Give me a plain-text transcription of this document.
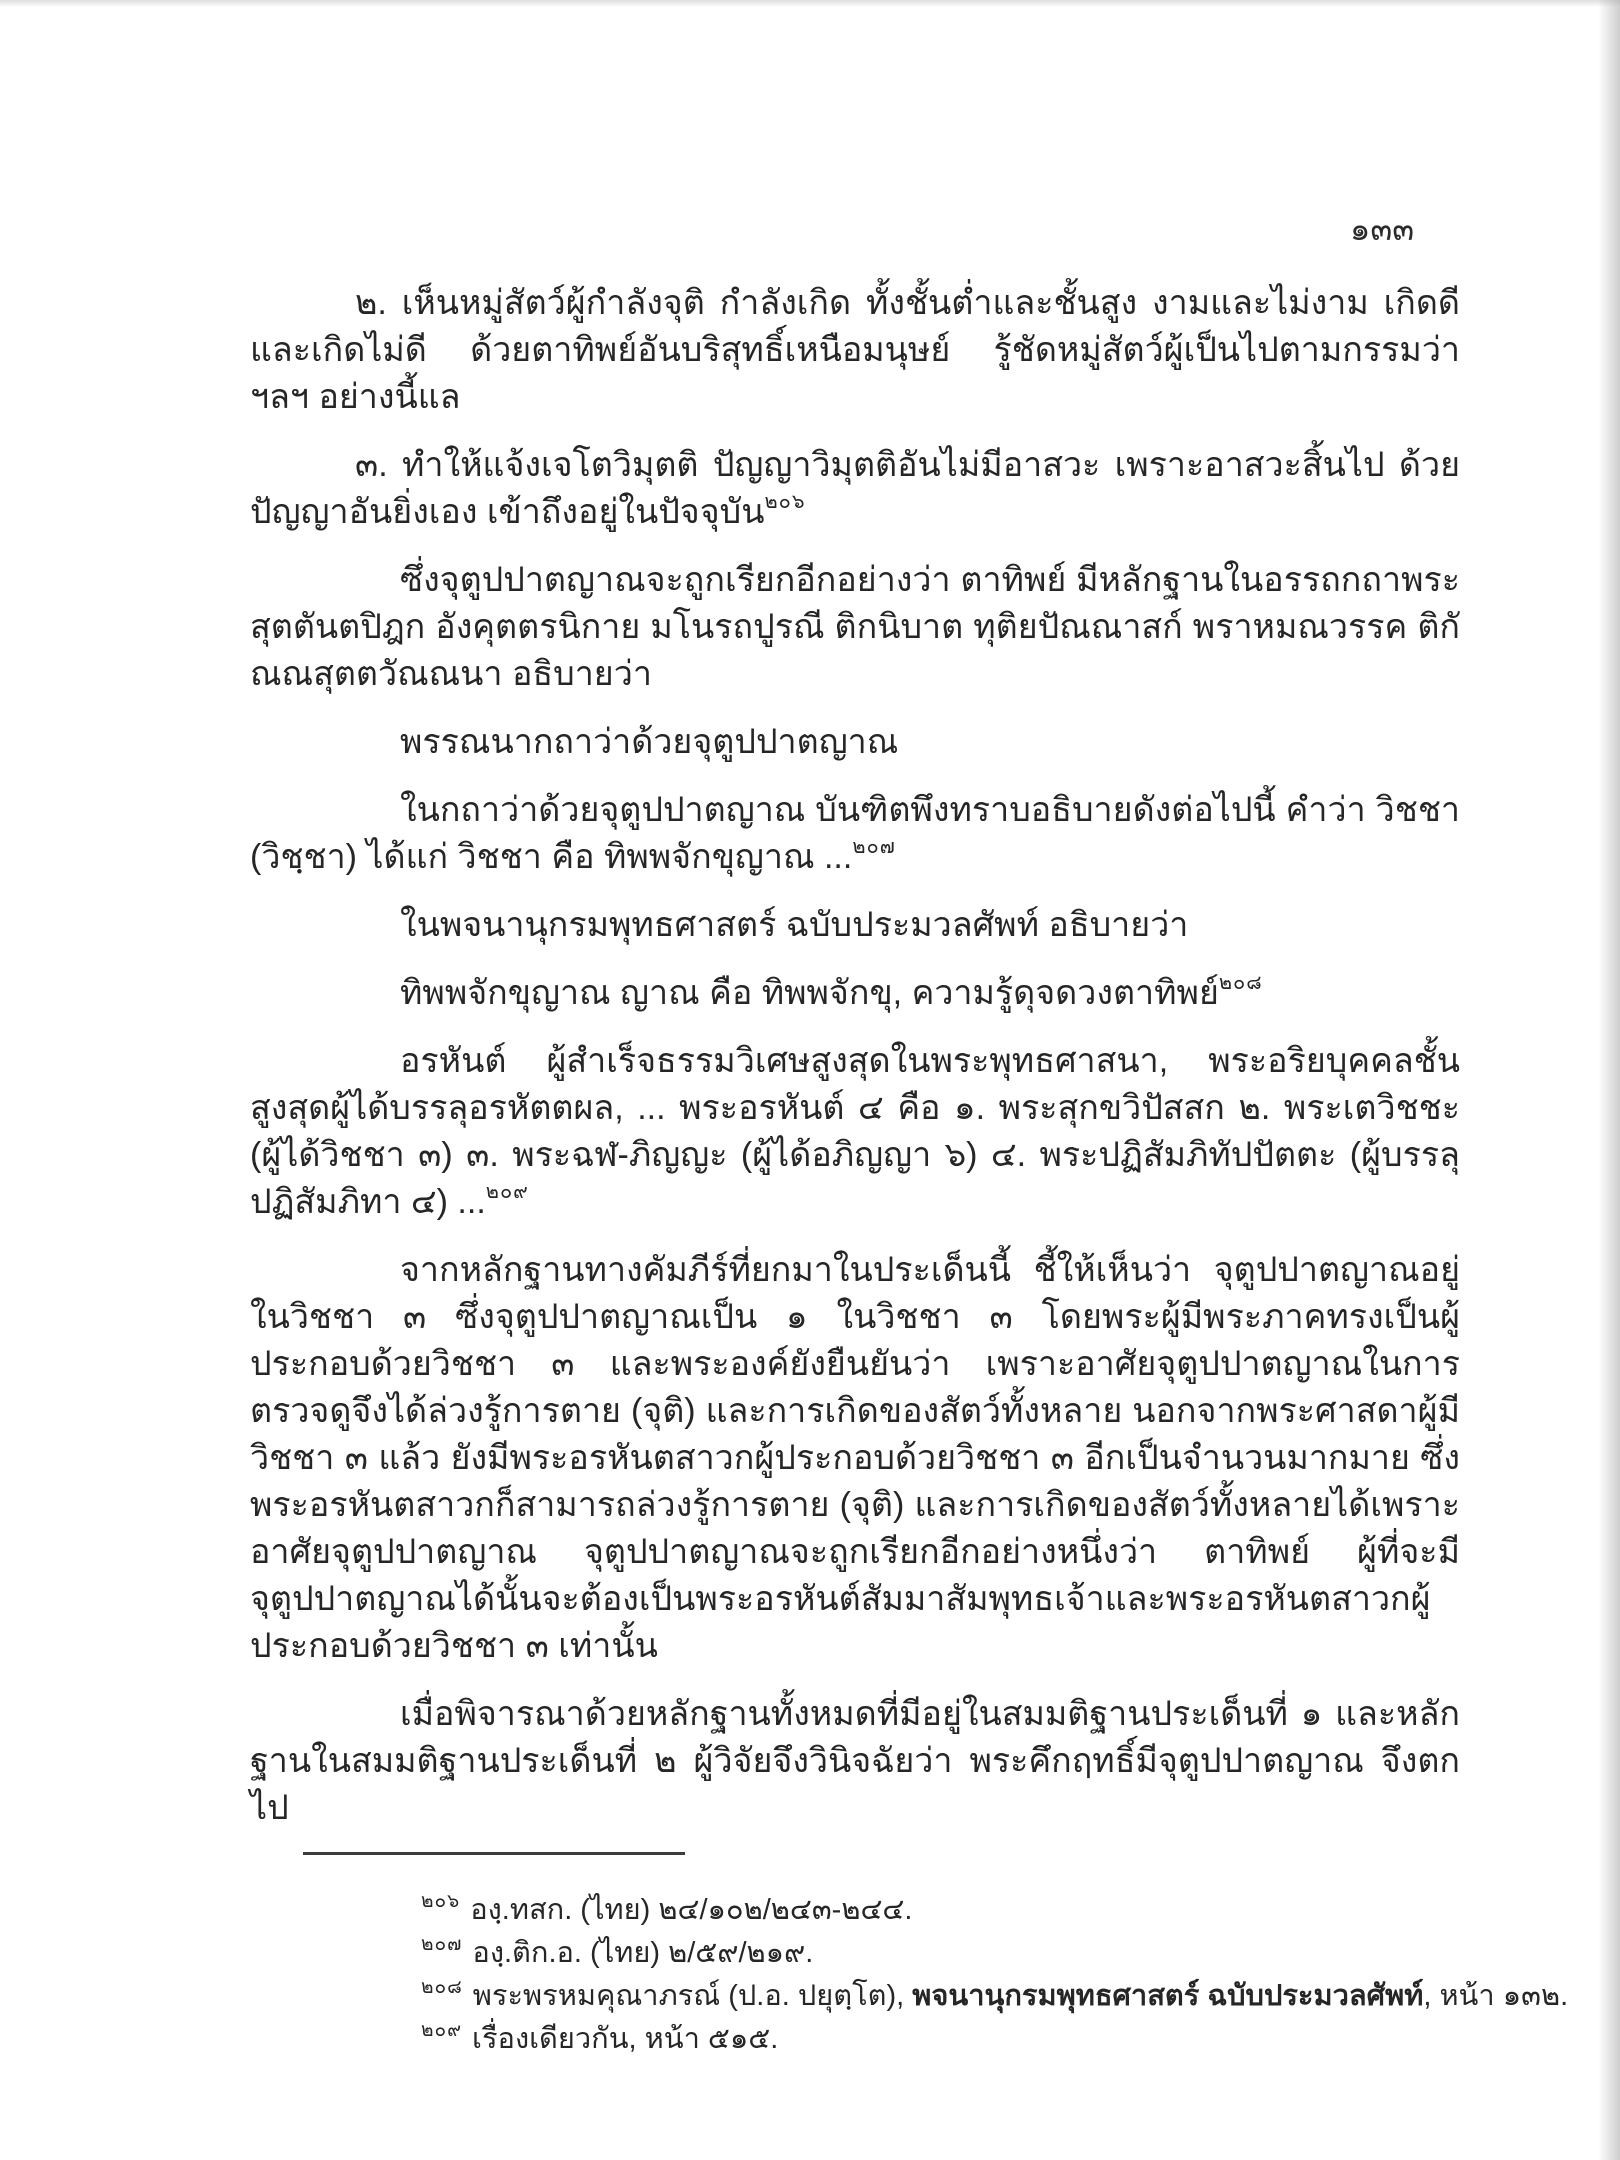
๑๓๓

๒. เห็นหมู่สัตว์ผู้กำลังจุติ กำลังเกิด ทั้งชั้นต่ำและชั้นสูง งามและไม่งาม เกิดดีและเกิดไม่ดี ด้วยตาทิพย์อันบริสุทธิ์เหนือมนุษย์ รู้ชัดหมู่สัตว์ผู้เป็นไปตามกรรมว่า ฯลฯ อย่างนี้แล

๓. ทำให้แจ้งเจโตวิมุตติ ปัญญาวิมุตติอันไม่มีอาสวะ เพราะอาสวะสิ้นไป ด้วยปัญญาอันยิ่งเอง เข้าถึงอยู่ในปัจจุบัน$^{๒๐๖}$

ซึ่งจุตูปปาตญาณจะถูกเรียกอีกอย่างว่า ตาทิพย์ มีหลักฐานในอรรถกถาพระสุตตันตปิฎก อังคุตตรนิกาย มโนรถปูรณี ติกนิบาต ทุติยปัณณาสก์ พราหมณวรรค ติกัณณสุตตวัณณนา อธิบายว่า

พรรณนากถาว่าด้วยจุตูปปาตญาณ

ในกถาว่าด้วยจุตูปปาตญาณ บันฑิตพึงทราบอธิบายดังต่อไปนี้ คำว่า วิชชา (วิชฺชา) ได้แก่ วิชชา คือ ทิพพจักขุญาณ ...$^{๒๐๗}$

ในพจนานุกรมพุทธศาสตร์ ฉบับประมวลศัพท์ อธิบายว่า

ทิพพจักขุญาณ ญาณ คือ ทิพพจักขุ, ความรู้ดุจดวงตาทิพย์$^{๒๐๘}$

อรหันต์ ผู้สำเร็จธรรมวิเศษสูงสุดในพระพุทธศาสนา, พระอริยบุคคลชั้นสูงสุดผู้ได้บรรลุอรหัตตผล, ... พระอรหันต์ ๔ คือ ๑. พระสุกขวิปัสสก ๒. พระเตวิชชะ (ผู้ได้วิชชา ๓) ๓. พระฉฬ-ภิญญะ (ผู้ได้อภิญญา ๖) ๔. พระปฏิสัมภิทัปปัตตะ (ผู้บรรลุปฏิสัมภิทา ๔) ...$^{๒๐๙}$

จากหลักฐานทางคัมภีร์ที่ยกมาในประเด็นนี้ ชี้ให้เห็นว่า จุตูปปาตญาณอยู่ในวิชชา ๓ ซึ่งจุตูปปาตญาณเป็น ๑ ในวิชชา ๓ โดยพระผู้มีพระภาคทรงเป็นผู้ประกอบด้วยวิชชา ๓ และพระองค์ยังยืนยันว่า เพราะอาศัยจุตูปปาตญาณในการตรวจดูจึงได้ล่วงรู้การตาย (จุติ) และการเกิดของสัตว์ทั้งหลาย นอกจากพระศาสดาผู้มีวิชชา ๓ แล้ว ยังมีพระอรหันตสาวกผู้ประกอบด้วยวิชชา ๓ อีกเป็นจำนวนมากมาย ซึ่งพระอรหันตสาวกก็สามารถล่วงรู้การตาย (จุติ) และการเกิดของสัตว์ทั้งหลายได้เพราะอาศัยจุตูปปาตญาณ จุตูปปาตญาณจะถูกเรียกอีกอย่างหนึ่งว่า ตาทิพย์ ผู้ที่จะมีจุตูปปาตญาณได้นั้นจะต้องเป็นพระอรหันต์สัมมาสัมพุทธเจ้าและพระอรหันตสาวกผู้ประกอบด้วยวิชชา ๓ เท่านั้น

เมื่อพิจารณาด้วยหลักฐานทั้งหมดที่มีอยู่ในสมมติฐานประเด็นที่ ๑ และหลักฐานในสมมติฐานประเด็นที่ ๒ ผู้วิจัยจึงวินิจฉัยว่า พระคึกฤทธิ์มีจุตูปปาตญาณ จึงตกไป

$^{๒๐๖}$ องฺ.ทสก. (ไทย) ๒๔/๑๐๒/๒๔๓-๒๔๔.
$^{๒๐๗}$ องฺ.ติก.อ. (ไทย) ๒/๕๙/๒๑๙.
$^{๒๐๘}$ พระพรหมคุณาภรณ์ (ป.อ. ปยุตฺโต), พจนานุกรมพุทธศาสตร์ ฉบับประมวลศัพท์, หน้า ๑๓๒.
$^{๒๐๙}$ เรื่องเดียวกัน, หน้า ๕๑๕.
